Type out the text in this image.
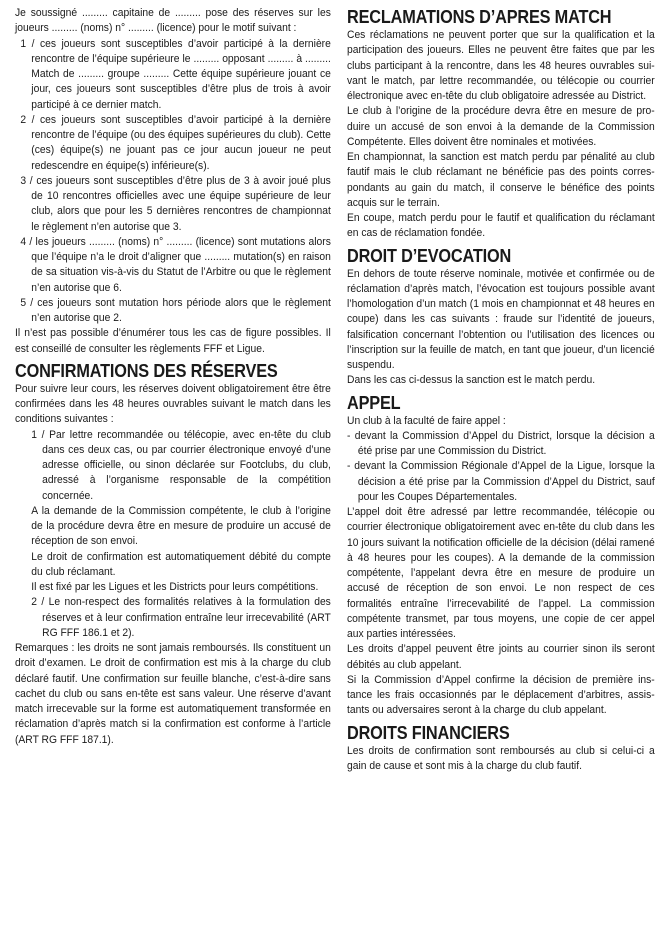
Je soussigné ......... capitaine de ......... pose des réserves sur les joueurs ......... (noms) n° ......... (licence) pour le motif suivant :

1 / ces joueurs sont susceptibles d’avoir participé à la dernière rencontre de l’équipe supérieure le ......... opposant ......... à ......... Match de ......... groupe ......... Cette équipe supérieure jouant ce jour, ces joueurs sont susceptibles d’être plus de trois à avoir participé à ce dernier match.

2 / ces joueurs sont susceptibles d’avoir participé à la dernière rencontre de l’équipe (ou des équipes supérieures du club). Cette (ces) équipe(s) ne jouant pas ce jour aucun joueur ne peut redescendre en équipe(s) inférieure(s).

3 / ces joueurs sont susceptibles d’être plus de 3 à avoir joué plus de 10 rencontres officielles avec une équipe supérieure de leur club, alors que pour les 5 dernières rencontres de championnat le règlement n’en autorise que 3.

4 / les joueurs ......... (noms) n° ......... (licence) sont mutations alors que l’équipe n’a le droit d’aligner que ......... mutation(s) en raison de sa situation vis-à-vis du Statut de l’Arbitre ou que le règlement n’en autorise que 6.

5 / ces joueurs sont mutation hors période alors que le règlement n’en autorise que 2.

Il n’est pas possible d’énumérer tous les cas de figure possibles. Il est conseillé de consulter les règlements FFF et Ligue.

CONFIRMATIONS DES RÉSERVES

Pour suivre leur cours, les réserves doivent obligatoirement être être confirmées dans les 48 heures ouvrables suivant le match dans les conditions suivantes :

1 / Par lettre recommandée ou télécopie, avec en-tête du club dans ces deux cas, ou par courrier électronique envoyé d’une adresse officielle, ou sinon déclarée sur Footclubs, du club, adressé à l’organisme responsable de la compétition concernée.

A la demande de la Commission compétente, le club à l’origine de la procédure devra être en mesure de produire un accusé de réception de son envoi.

Le droit de confirmation est automatiquement débité du compte du club réclamant.

Il est fixé par les Ligues et les Districts pour leurs compétitions.

2 / Le non-respect des formalités relatives à la formulation des réserves et à leur confirmation entraîne leur irrecevabilité (ART RG FFF 186.1 et 2).

Remarques : les droits ne sont jamais remboursés. Ils constituent un droit d’examen. Le droit de confirmation est mis à la charge du club déclaré fautif. Une confirmation sur feuille blanche, c’est-à-dire sans cachet du club ou sans en-tête est sans valeur. Une réserve d’avant match irrecevable sur la forme est automatiquement transformée en réclamation d’après match si la confirmation est conforme à l’article (ART RG FFF 187.1).

RECLAMATIONS D’APRES MATCH

Ces réclamations ne peuvent porter que sur la qualification et la participation des joueurs. Elles ne peuvent être faites que par les clubs participant à la rencontre, dans les 48 heures ouvrables suivant le match, par lettre recommandée, ou télécopie ou courrier électronique avec en-tête du club obligatoire adressée au District.

Le club à l’origine de la procédure devra être en mesure de produire un accusé de son envoi à la demande de la Commission Compétente. Elles doivent être nominales et motivées.

En championnat, la sanction est match perdu par pénalité au club fautif mais le club réclamant ne bénéficie pas des points correspondants au gain du match, il conserve le bénéfice des points acquis sur le terrain.

En coupe, match perdu pour le fautif et qualification du réclamant en cas de réclamation fondée.

DROIT D’EVOCATION

En dehors de toute réserve nominale, motivée et confirmée ou de réclamation d’après match, l’évocation est toujours possible avant l’homologation d’un match (1 mois en championnat et 48 heures en coupe) dans les cas suivants : fraude sur l’identité de joueurs, falsification concernant l’obtention ou l’utilisation des licences ou l’inscription sur la feuille de match, en tant que joueur, d’un licencié suspendu.

Dans les cas ci-dessus la sanction est le match perdu.

APPEL

Un club à la faculté de faire appel :

- devant la Commission d’Appel du District, lorsque la décision a été prise par une Commission du District.

- devant la Commission Régionale d’Appel de la Ligue, lorsque la décision a été prise par la Commission d’Appel du District, sauf pour les Coupes Départementales.

L’appel doit être adressé par lettre recommandée, télécopie ou courrier électronique obligatoirement avec en-tête du club dans les 10 jours suivant la notification officielle de la décision (délai ramené à 48 heures pour les coupes). A la demande de la commission compétente, l’appelant devra être en mesure de produire un accusé de réception de son envoi. Le non respect de ces formalités entraîne l’irrecevabilité de l’appel. La commission compétente transmet, par tous moyens, une copie de cer appel aux parties intéressées.

Les droits d’appel peuvent être joints au courrier sinon ils seront débités au club appelant.

Si la Commission d’Appel confirme la décision de première instance les frais occasionnés par le déplacement d’arbitres, assistants ou adversaires seront à la charge du club appelant.

DROITS FINANCIERS

Les droits de confirmation sont remboursés au club si celui-ci a gain de cause et sont mis à la charge du club fautif.
